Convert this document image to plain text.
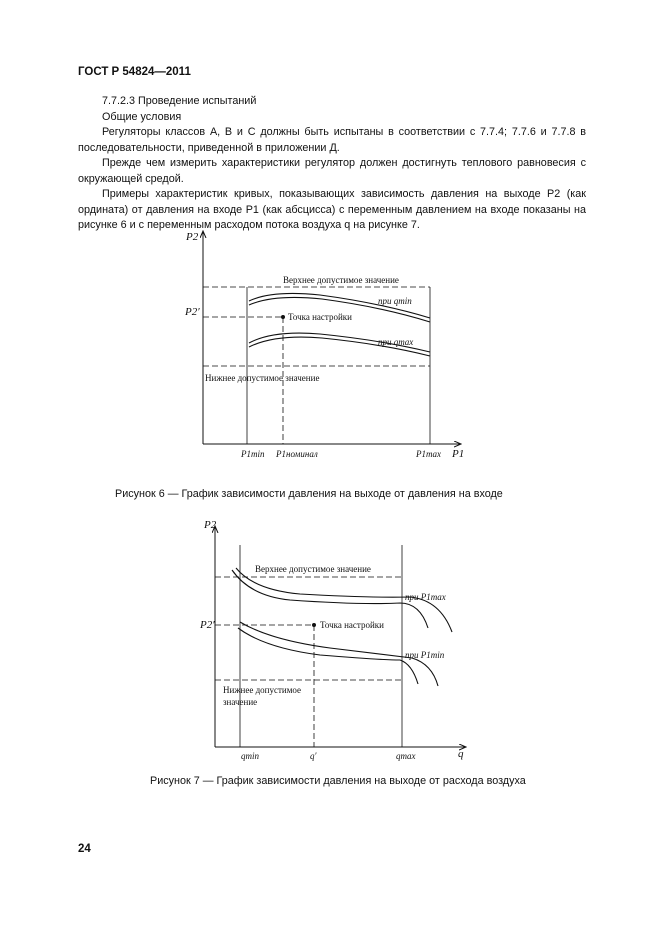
ГОСТ Р 54824—2011

7.7.2.3 Проведение испытаний

Общие условия

Регуляторы классов А, В и С должны быть испытаны в соответствии с 7.7.4; 7.7.6 и 7.7.8 в последовательности, приведенной в приложении Д.

Прежде чем измерить характеристики регулятор должен достигнуть теплового равновесия с окружающей средой.

Примеры характеристик кривых, показывающих зависимость давления на выходе P2 (как ордината) от давления на входе P1 (как абсцисса) с переменным давлением на входе показаны на рисунке 6 и с переменным расходом потока воздуха q на рисунке 7.

P2
P1
P2′
Верхнее допустимое значение
Нижнее допустимое значение
Точка настройки
при qmin
при qmax
P1min P1номинал	P1max
P2
q
P2′
Верхнее допустимое значение
Нижнее допустимое
значение
Точка настройки
при P1max
при P1min
qmin	q′	qmax
Рисунок 6 — График зависимости давления на выходе от давления на входе
Рисунок 7 — График зависимости давления на выходе от расхода воздуха
24
